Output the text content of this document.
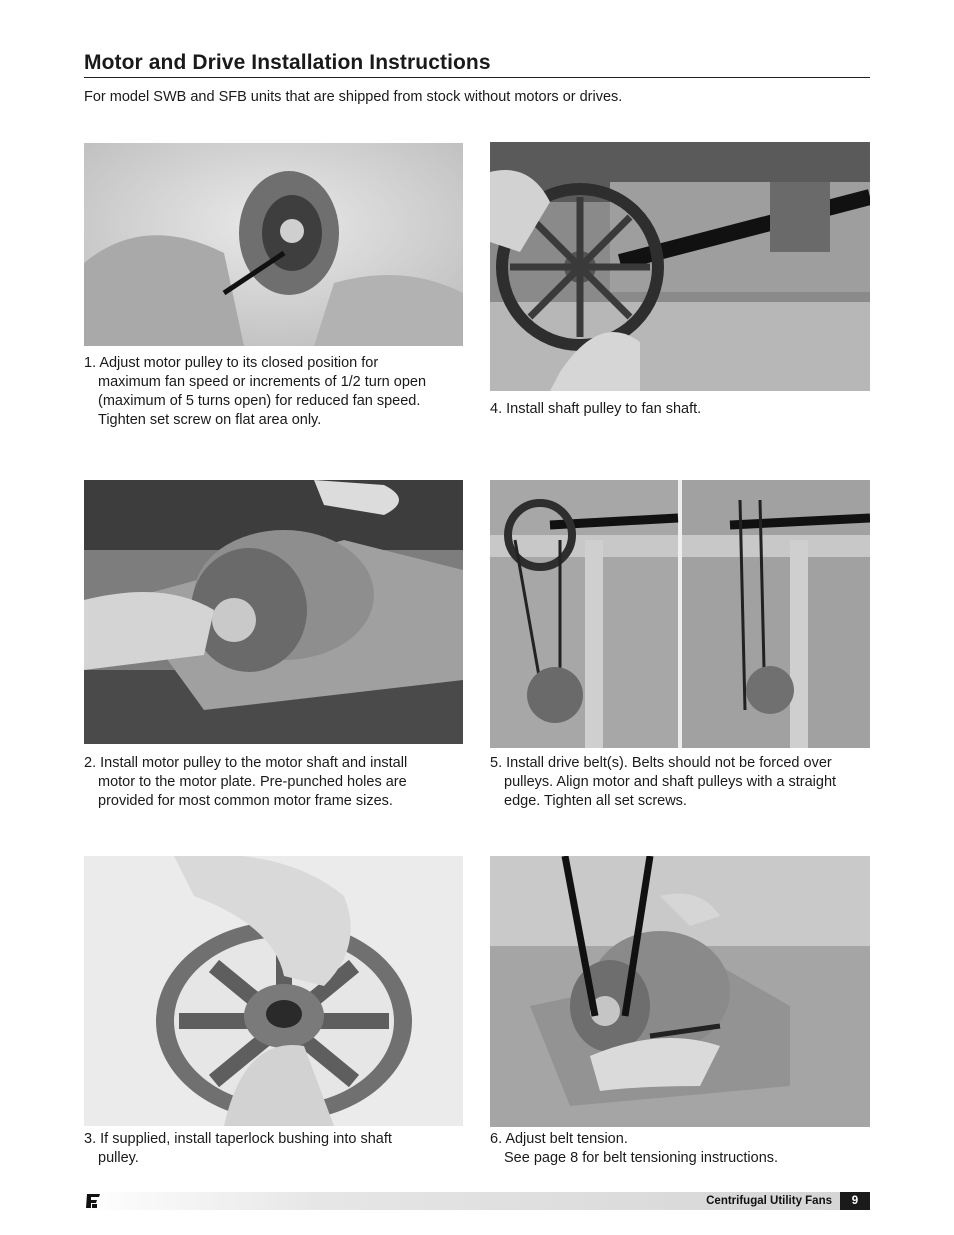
Motor and Drive Installation Instructions
For model SWB and SFB units that are shipped from stock without motors or drives.
1. Adjust motor pulley to its closed position for
maximum fan speed or increments of 1/2 turn open
(maximum of 5 turns open) for reduced fan speed.
Tighten set screw on flat area only.
4. Install shaft pulley to fan shaft.
2. Install motor pulley to the motor shaft and install
motor to the motor plate. Pre-punched holes are
provided for most common motor frame sizes.
5. Install drive belt(s). Belts should not be forced over
pulleys. Align motor and shaft pulleys with a straight
edge. Tighten all set screws.
3. If supplied, install taperlock bushing into shaft
pulley.
6. Adjust belt tension.
See page 8 for belt tensioning instructions.
Centrifugal Utility Fans	9
